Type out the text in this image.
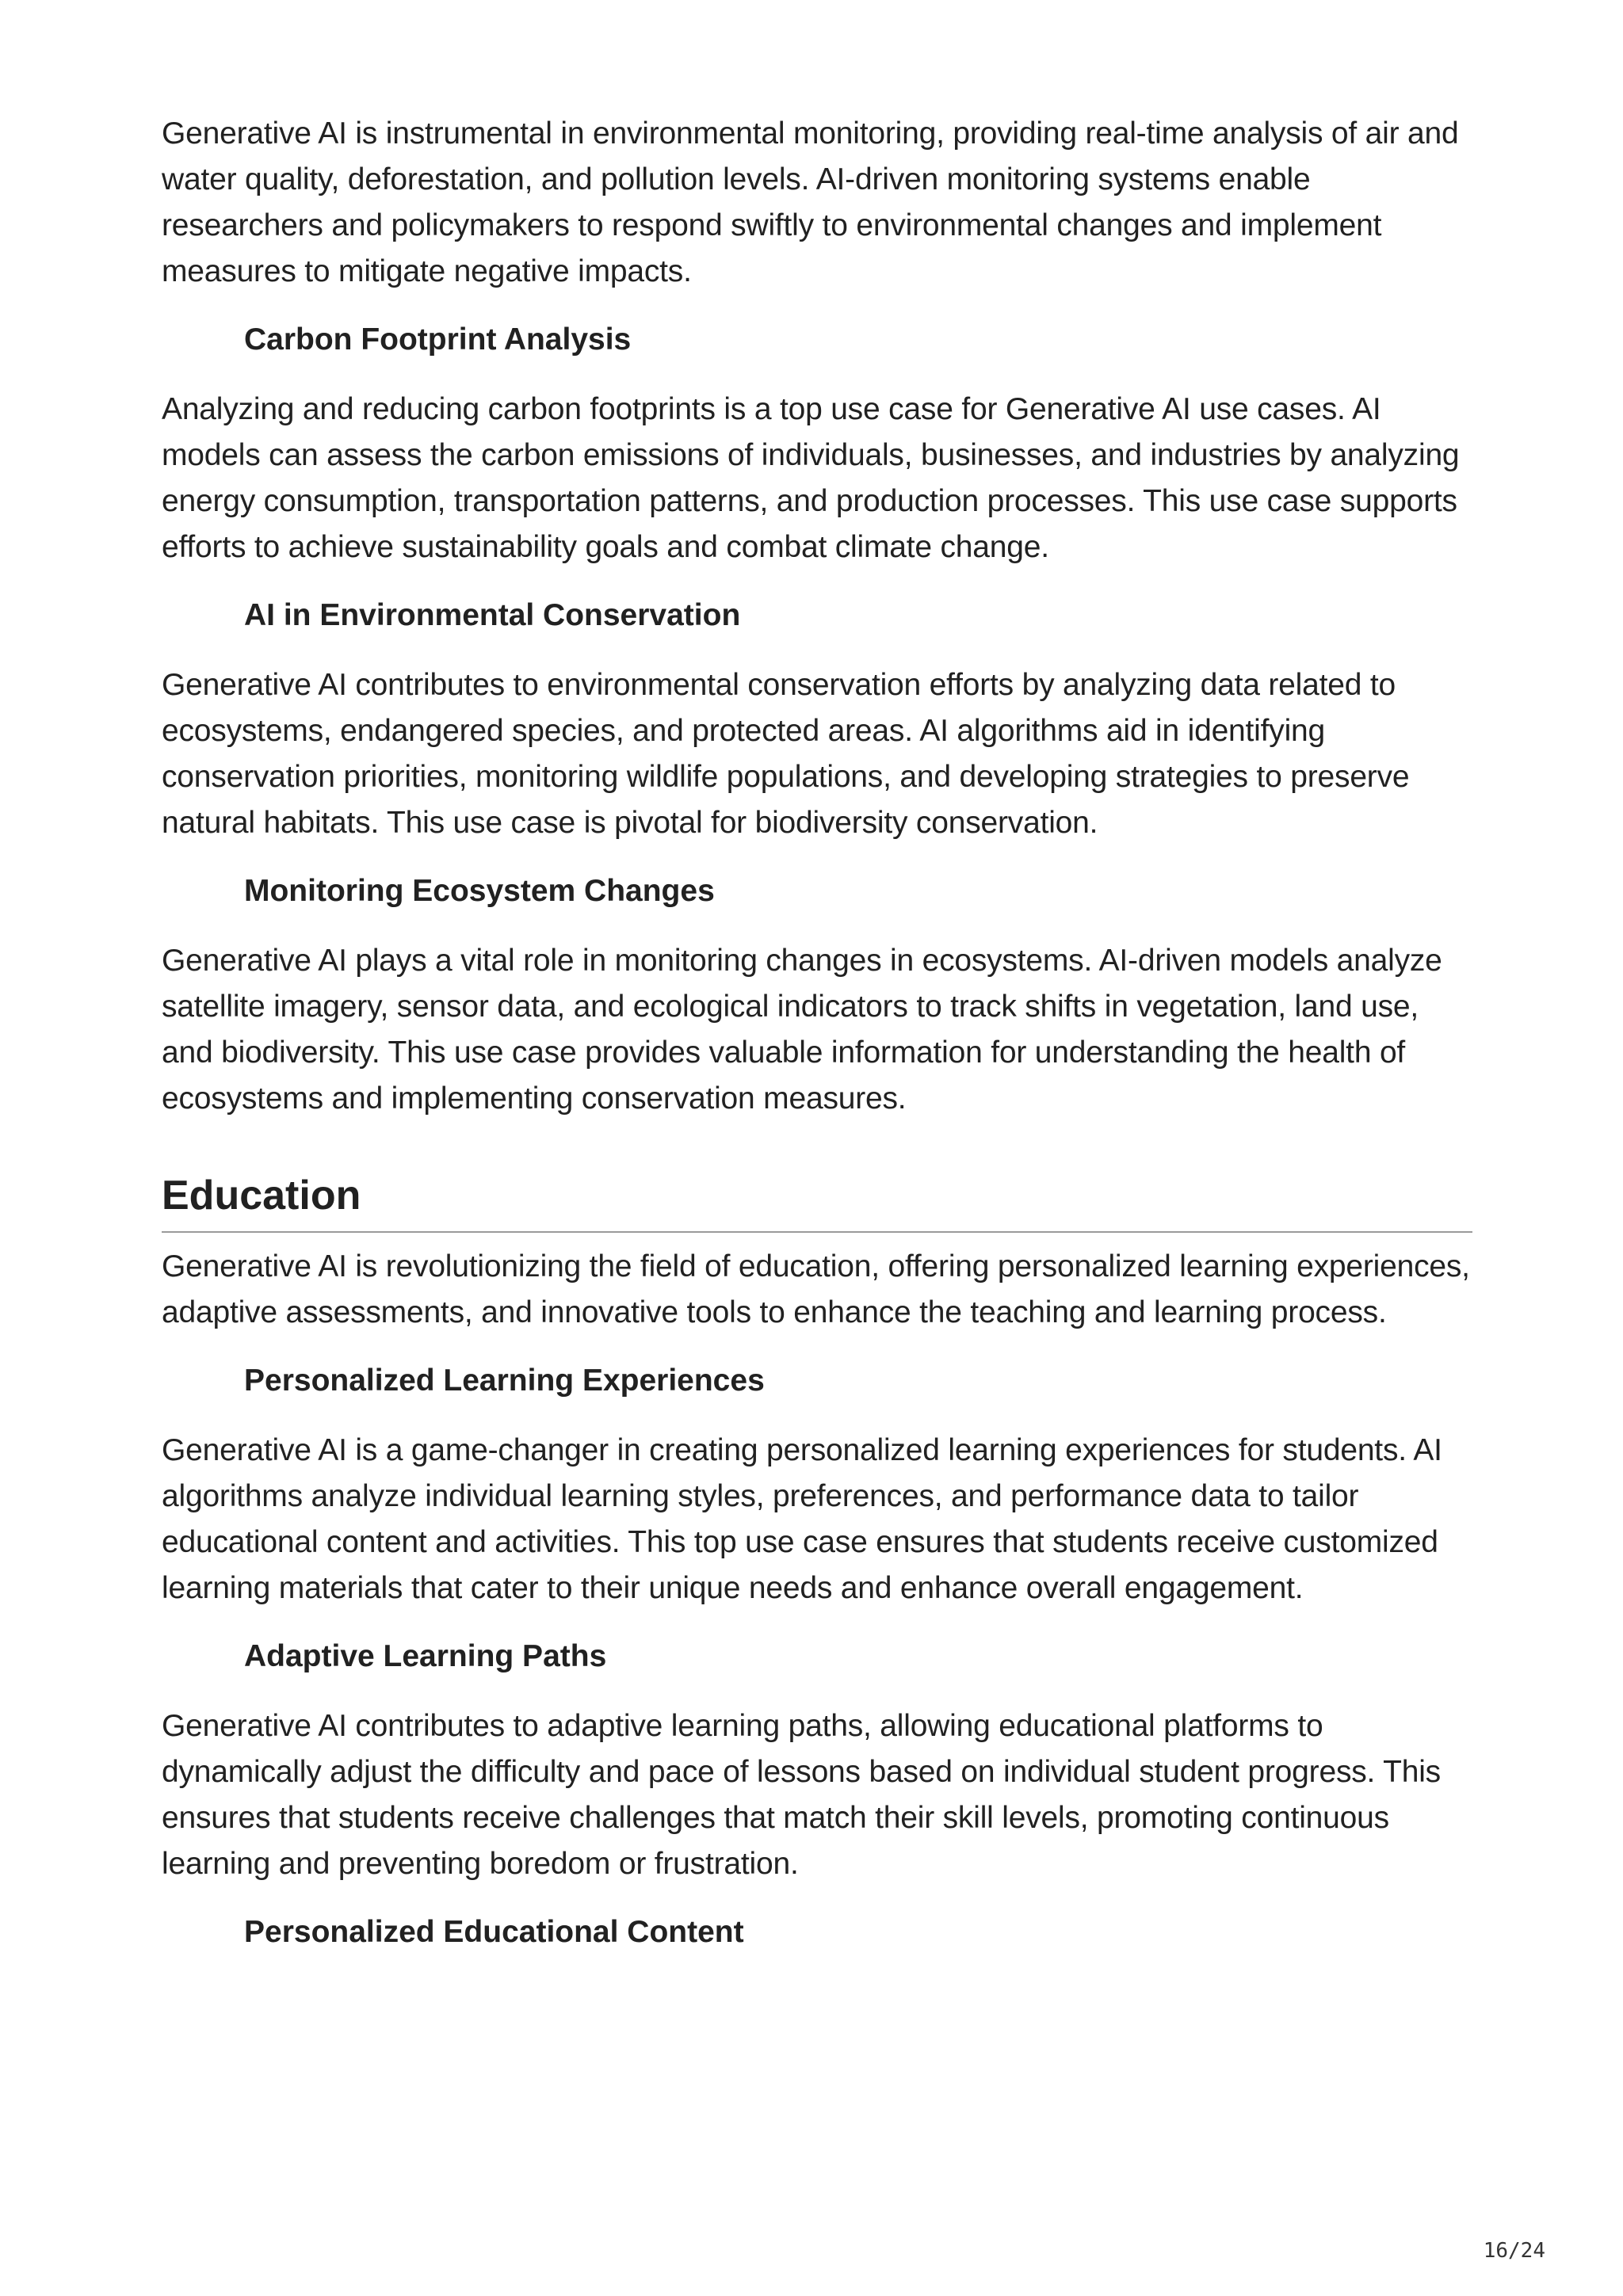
Generative AI is instrumental in environmental monitoring, providing real-time analysis of air and water quality, deforestation, and pollution levels. AI-driven monitoring systems enable researchers and policymakers to respond swiftly to environmental changes and implement measures to mitigate negative impacts.

Carbon Footprint Analysis

Analyzing and reducing carbon footprints is a top use case for Generative AI use cases. AI models can assess the carbon emissions of individuals, businesses, and industries by analyzing energy consumption, transportation patterns, and production processes. This use case supports efforts to achieve sustainability goals and combat climate change.

AI in Environmental Conservation

Generative AI contributes to environmental conservation efforts by analyzing data related to ecosystems, endangered species, and protected areas. AI algorithms aid in identifying conservation priorities, monitoring wildlife populations, and developing strategies to preserve natural habitats. This use case is pivotal for biodiversity conservation.

Monitoring Ecosystem Changes

Generative AI plays a vital role in monitoring changes in ecosystems. AI-driven models analyze satellite imagery, sensor data, and ecological indicators to track shifts in vegetation, land use, and biodiversity. This use case provides valuable information for understanding the health of ecosystems and implementing conservation measures.

Education

Generative AI is revolutionizing the field of education, offering personalized learning experiences, adaptive assessments, and innovative tools to enhance the teaching and learning process.

Personalized Learning Experiences

Generative AI is a game-changer in creating personalized learning experiences for students. AI algorithms analyze individual learning styles, preferences, and performance data to tailor educational content and activities. This top use case ensures that students receive customized learning materials that cater to their unique needs and enhance overall engagement.

Adaptive Learning Paths

Generative AI contributes to adaptive learning paths, allowing educational platforms to dynamically adjust the difficulty and pace of lessons based on individual student progress. This ensures that students receive challenges that match their skill levels, promoting continuous learning and preventing boredom or frustration.

Personalized Educational Content
16/24
